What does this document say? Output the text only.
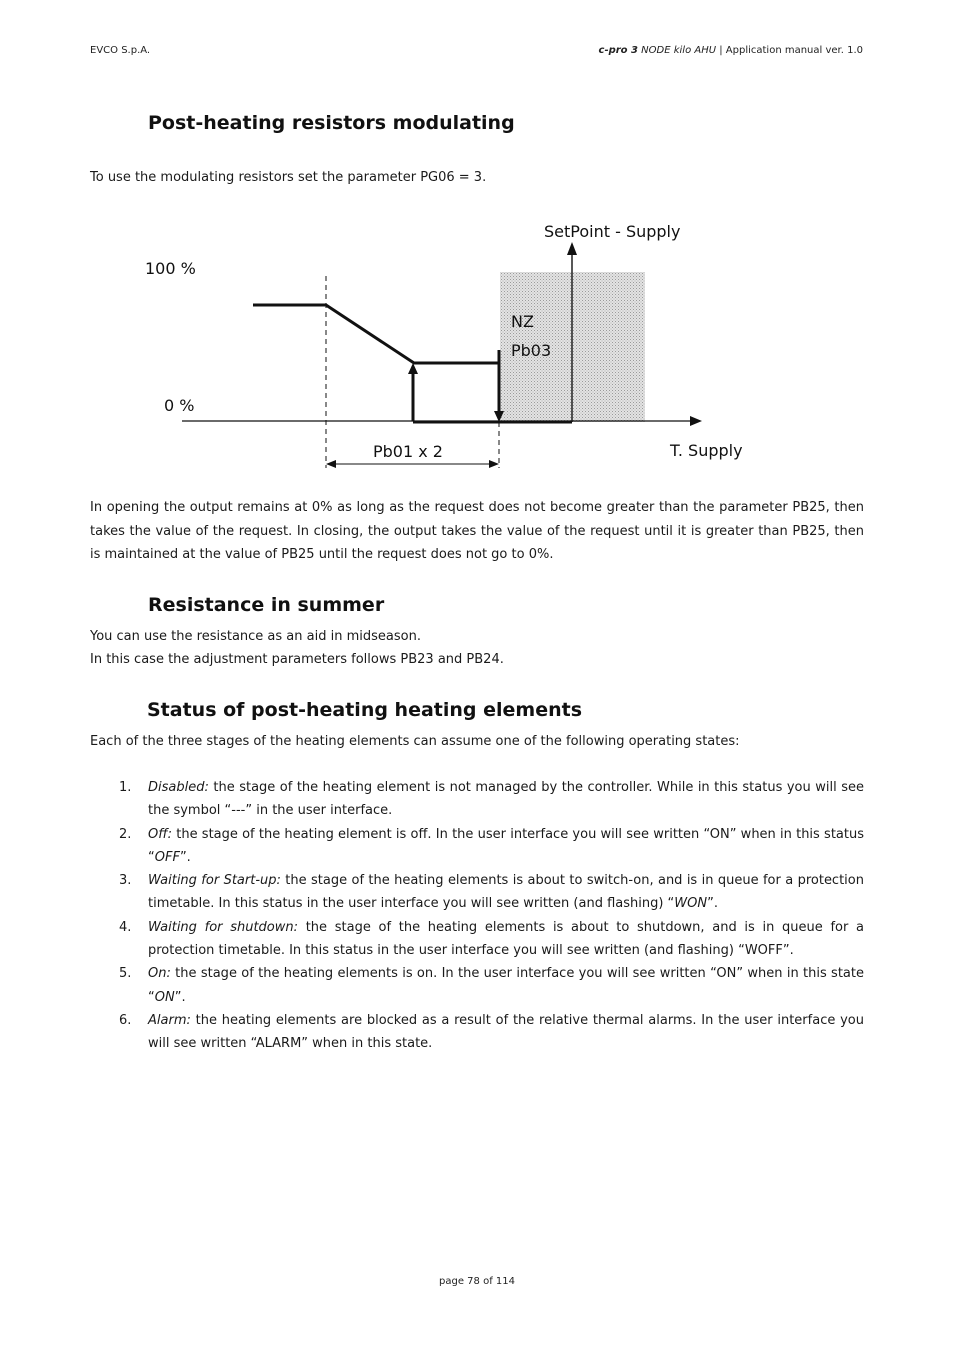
EVCO S.p.A.	c-pro 3 NODE kilo AHU | Application manual ver. 1.0
Post-heating resistors modulating

To use the modulating resistors set the parameter PG06 = 3.

SetPoint - Supply
100 %
0 %
NZ
Pb03
Pb01 x 2	T. Supply

In opening the output remains at 0% as long as the request does not become greater than the parameter PB25, then takes the value of the request. In closing, the output takes the value of the request until it is greater than PB25, then is maintained at the value of PB25 until the request does not go to 0%.

Resistance in summer

You can use the resistance as an aid in midseason.

In this case the adjustment parameters follows PB23 and PB24.

Status of post-heating heating elements

Each of the three stages of the heating elements can assume one of the following operating states:

1. Disabled: the stage of the heating element is not managed by the controller. While in this status you will see the symbol “---” in the user interface.
2. Off: the stage of the heating element is off. In the user interface you will see written “ON” when in this status “OFF”.
3. Waiting for Start-up: the stage of the heating elements is about to switch-on, and is in queue for a protection timetable. In this status in the user interface you will see written (and flashing) “WON”.
4. Waiting for shutdown: the stage of the heating elements is about to shutdown, and is in queue for a protection timetable. In this status in the user interface you will see written (and flashing) “WOFF”.
5. On: the stage of the heating elements is on. In the user interface you will see written “ON” when in this state “ON”.
6. Alarm: the heating elements are blocked as a result of the relative thermal alarms. In the user interface you will see written “ALARM” when in this state.
page 78 of 114
